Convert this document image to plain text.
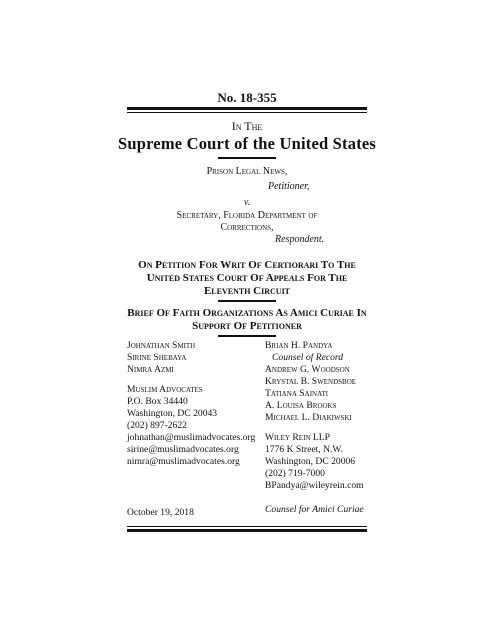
No. 18-355
In The
Supreme Court of the United States
Prison Legal News,
Petitioner,
v.
Secretary, Florida Department of
Corrections,
Respondent.
On Petition For Writ Of Certiorari To The
United States Court Of Appeals For The
Eleventh Circuit
Brief Of Faith Organizations As Amici Curiae In
Support Of Petitioner
Johnathan Smith
Sirine Shebaya
Nimra Azmi
Muslim Advocates
P.O. Box 34440
Washington, DC 20043
(202) 897-2622
johnathan@muslimadvocates.org
sirine@muslimadvocates.org
nimra@muslimadvocates.org
Brian H. Pandya
Counsel of Record
Andrew G. Woodson
Krystal B. Swendsboe
Tatiana Sainati
A. Louisa Brooks
Michael L. Diakiwski
Wiley Rein LLP
1776 K Street, N.W.
Washington, DC 20006
(202) 719-7000
BPandya@wileyrein.com
Counsel for Amici Curiae
October 19, 2018
